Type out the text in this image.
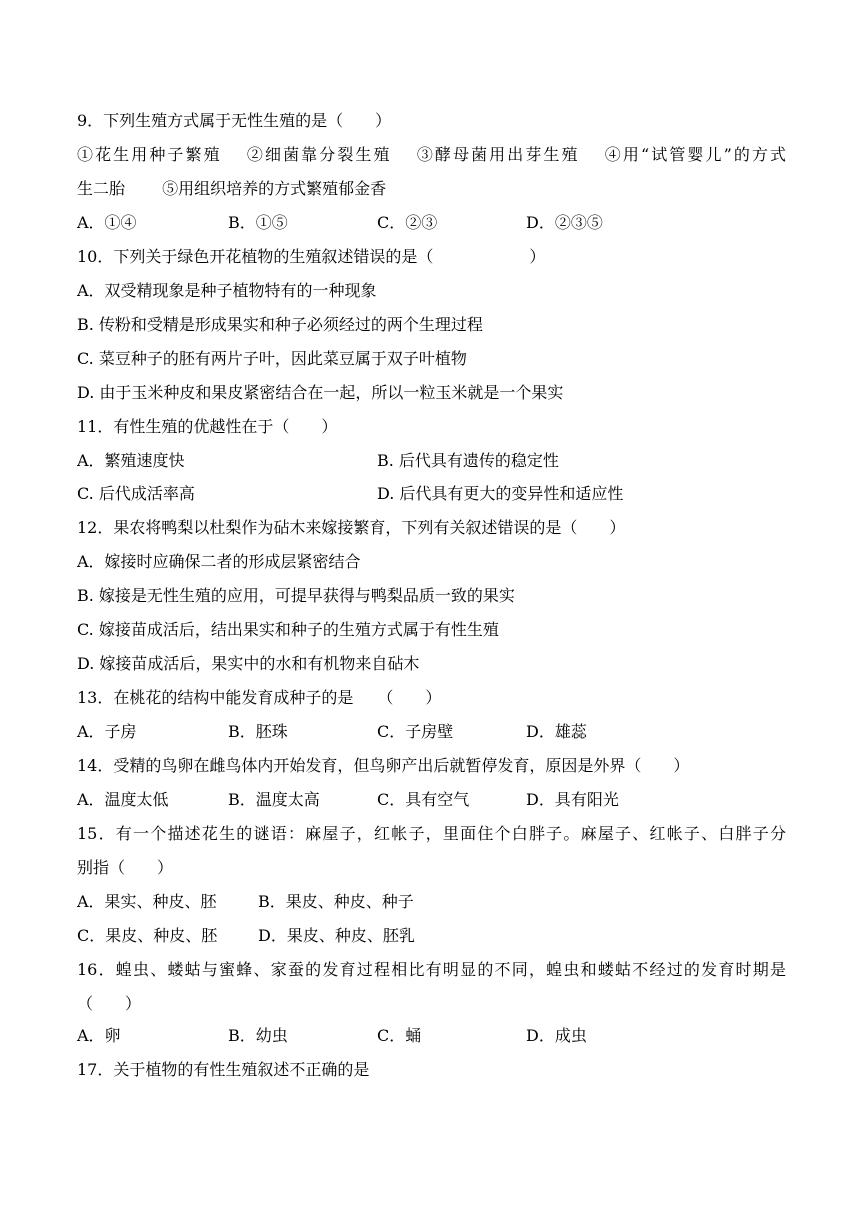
9．下列生殖方式属于无性生殖的是（　　）
①花生用种子繁殖　 ②细菌靠分裂生殖　 ③酵母菌用出芽生殖　 ④用“试管婴儿”的方式
生二胎　　 ⑤用组织培养的方式繁殖郁金香
A．①④	B．①⑤	C．②③	D．②③⑤
10．下列关于绿色开花植物的生殖叙述错误的是（　　　　　　）
A．双受精现象是种子植物特有的一种现象
B. 传粉和受精是形成果实和种子必须经过的两个生理过程
C. 菜豆种子的胚有两片子叶，因此菜豆属于双子叶植物
D. 由于玉米种皮和果皮紧密结合在一起，所以一粒玉米就是一个果实
11．有性生殖的优越性在于（　　）
A．繁殖速度快	B. 后代具有遗传的稳定性
C. 后代成活率高	D. 后代具有更大的变异性和适应性
12．果农将鸭梨以杜梨作为砧木来嫁接繁育，下列有关叙述错误的是（　　）
A．嫁接时应确保二者的形成层紧密结合
B. 嫁接是无性生殖的应用，可提早获得与鸭梨品质一致的果实
C. 嫁接苗成活后，结出果实和种子的生殖方式属于有性生殖
D. 嫁接苗成活后，果实中的水和有机物来自砧木
13．在桃花的结构中能发育成种子的是　　（　　）
A．子房	B．胚珠	C．子房壁	D．雄蕊
14．受精的鸟卵在雌鸟体内开始发育，但鸟卵产出后就暂停发育，原因是外界（　　）
A．温度太低	B．温度太高	C．具有空气	D．具有阳光
15．有一个描述花生的谜语：麻屋子，红帐子，里面住个白胖子。麻屋子、红帐子、白胖子分
别指（　　）
A．果实、种皮、胚	B．果皮、种皮、种子
C．果皮、种皮、胚	D．果皮、种皮、胚乳
16．蝗虫、蝼蛄与蜜蜂、家蚕的发育过程相比有明显的不同，蝗虫和蝼蛄不经过的发育时期是
（　　）
A．卵	B．幼虫	C．蛹	D．成虫
17．关于植物的有性生殖叙述不正确的是
